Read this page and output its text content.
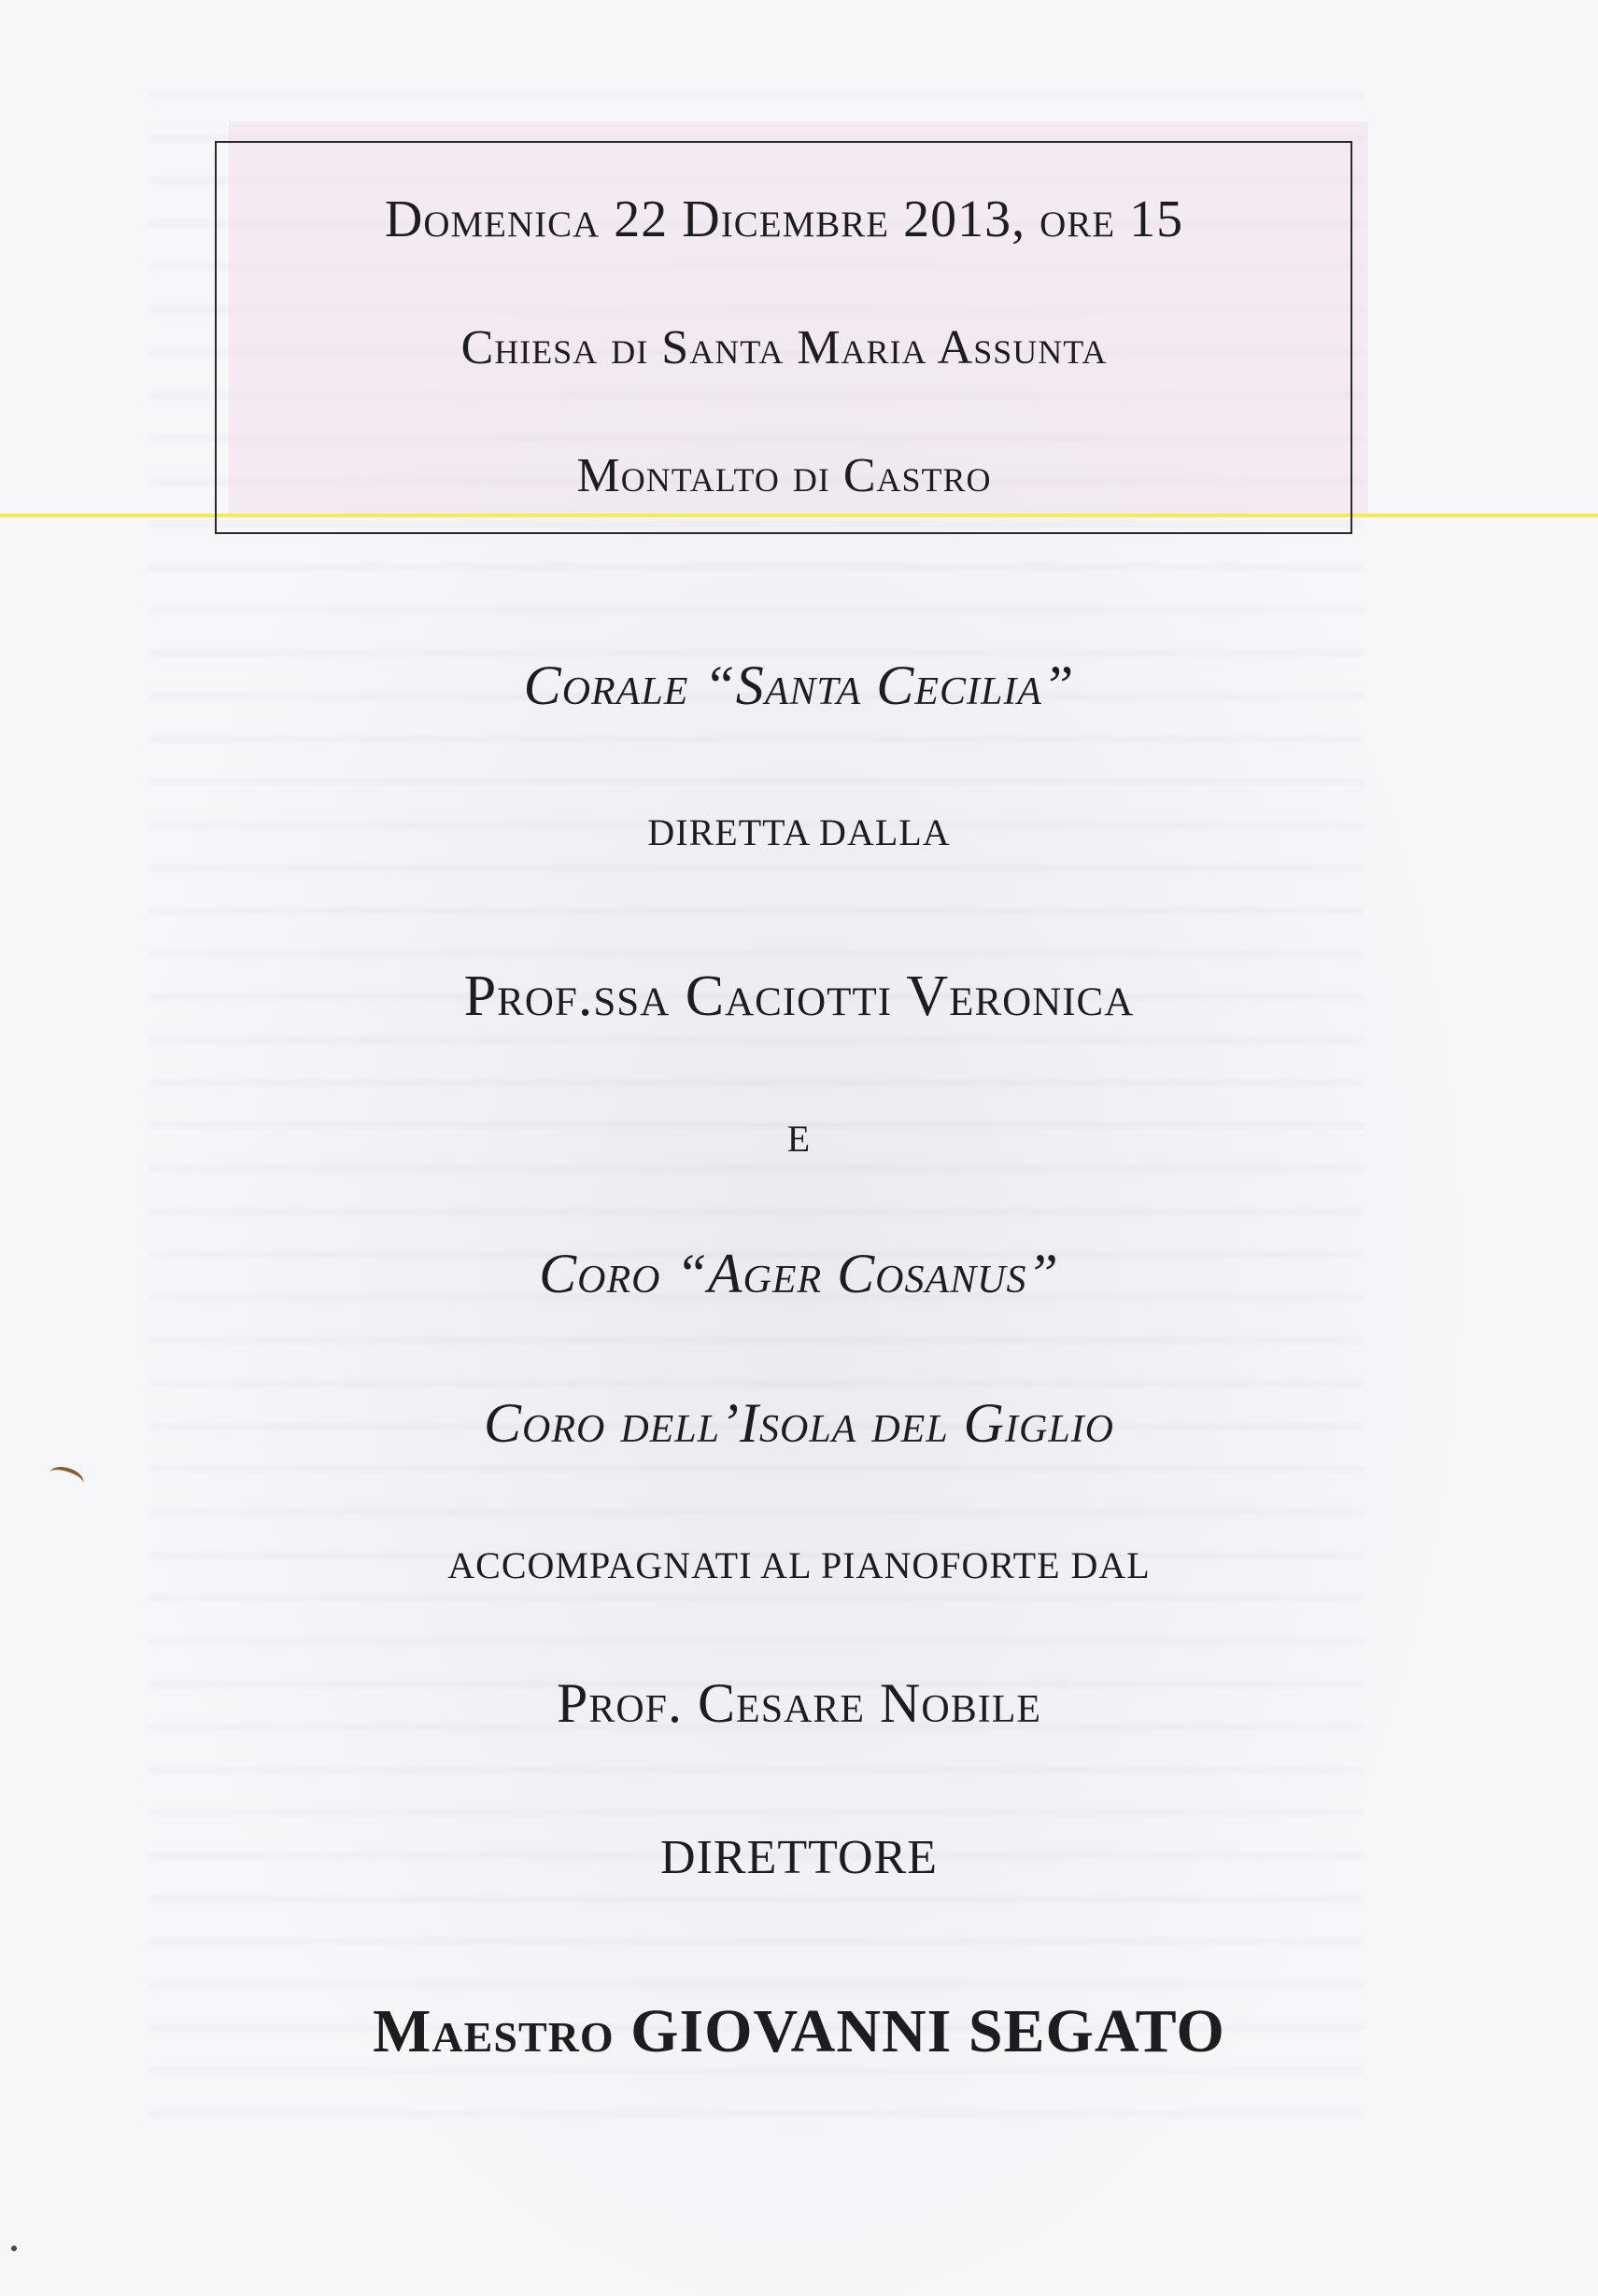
Domenica 22 Dicembre 2013, ore 15
Chiesa di Santa Maria Assunta
Montalto di Castro
Corale “Santa Cecilia”
DIRETTA DALLA
Prof.ssa Caciotti Veronica
E
Coro “Ager Cosanus”
Coro dell’Isola del Giglio
ACCOMPAGNATI AL PIANOFORTE DAL
Prof. Cesare Nobile
DIRETTORE
Maestro GIOVANNI SEGATO
